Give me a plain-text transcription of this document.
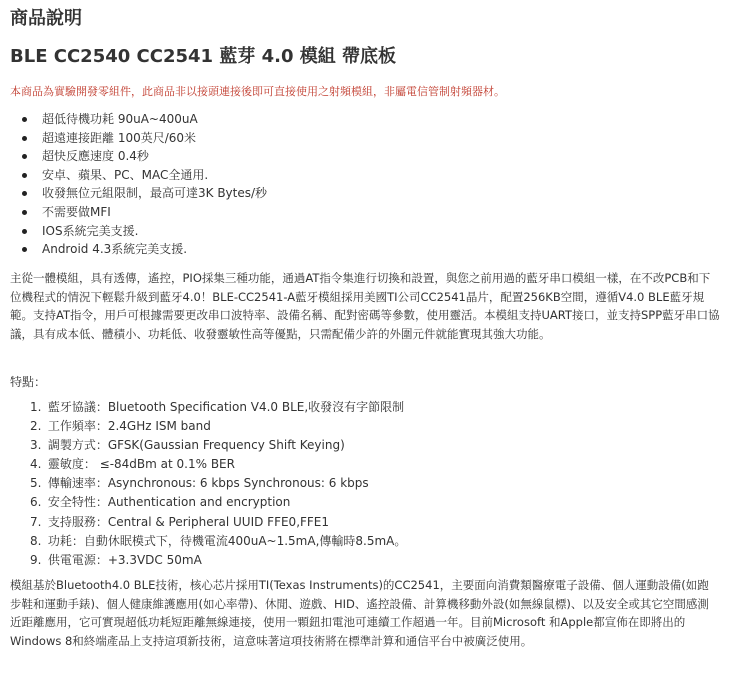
商品說明
BLE CC2540 CC2541 藍芽 4.0 模組 帶底板

本商品為實驗開發零組件，此商品非以接頭連接後即可直接使用之射頻模組，非屬電信管制射頻器材。

超低待機功耗 90uA~400uA
超遠連接距離 100英尺/60米
超快反應速度 0.4秒
安卓、蘋果、PC、MAC全通用.
收發無位元組限制，最高可達3K Bytes/秒
不需要做MFI
IOS系統完美支援.
Android 4.3系統完美支援.

主從一體模組，具有透傳，遙控，PIO採集三種功能，通過AT指令集進行切換和設置，與您之前用過的藍牙串口模組一樣，在不改PCB和下位機程式的情況下輕鬆升級到藍牙4.0！BLE-CC2541-A藍牙模組採用美國TI公司CC2541晶片，配置256KB空間，遵循V4.0 BLE藍牙規範。支持AT指令，用戶可根據需要更改串口波特率、設備名稱、配對密碼等參數，使用靈活。本模組支持UART接口，並支持SPP藍牙串口協議，具有成本低、體積小、功耗低、收發靈敏性高等優點，只需配備少許的外圍元件就能實現其強大功能。

特點：

1. 藍牙協議：Bluetooth Specification V4.0 BLE,收發沒有字節限制
2. 工作頻率：2.4GHz ISM band
3. 調製方式：GFSK(Gaussian Frequency Shift Keying)
4. 靈敏度： ≤-84dBm at 0.1% BER
5. 傳輸速率：Asynchronous: 6 kbps Synchronous: 6 kbps
6. 安全特性：Authentication and encryption
7. 支持服務：Central & Peripheral UUID FFE0,FFE1
8. 功耗：自動休眠模式下，待機電流400uA~1.5mA,傳輸時8.5mA。
9. 供電電源：+3.3VDC 50mA

模組基於Bluetooth4.0 BLE技術，核心芯片採用TI(Texas Instruments)的CC2541，主要面向消費類醫療電子設備、個人運動設備(如跑步鞋和運動手錶)、個人健康維護應用(如心率帶)、休閒、遊戲、HID、遙控設備、計算機移動外設(如無線鼠標)、以及安全或其它空間感測近距離應用，它可實現超低功耗短距離無線連接，使用一顆鈕扣電池可連續工作超過一年。目前Microsoft 和Apple都宣佈在即將出的Windows 8和終端產品上支持這項新技術，這意味著這項技術將在標準計算和通信平台中被廣泛使用。
